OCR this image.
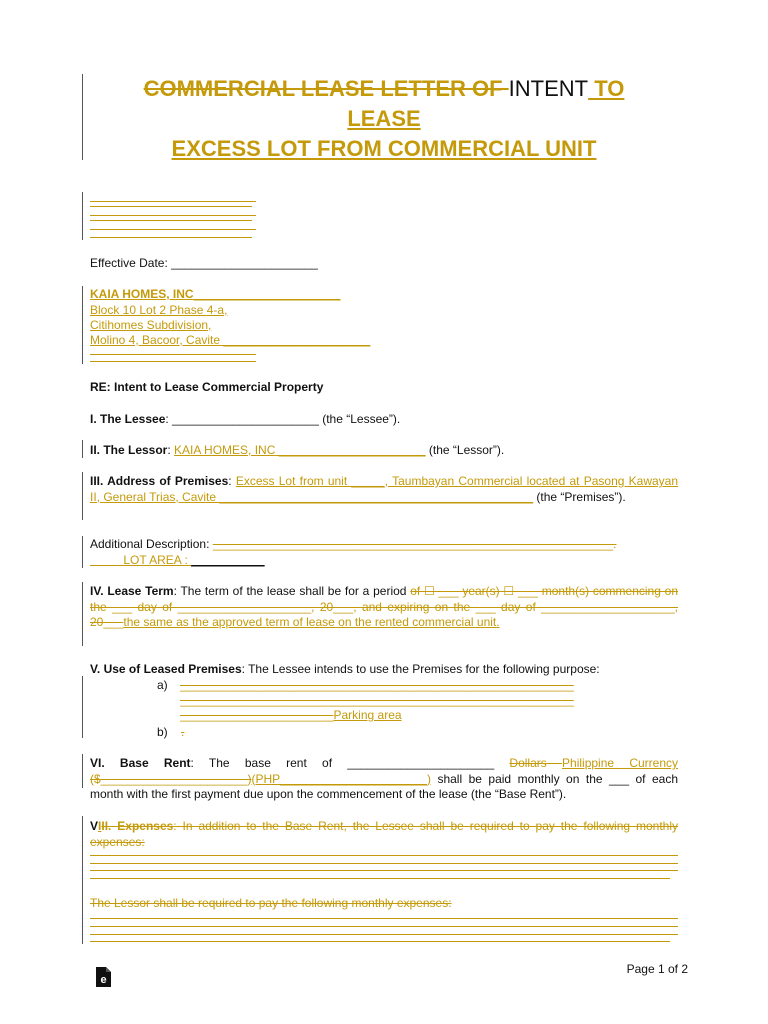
COMMERCIAL LEASE LETTER OF INTENT TO
LEASE
EXCESS LOT FROM COMMERCIAL UNIT
Effective Date: ______________________
KAIA HOMES, INC______________________
Block 10 Lot 2 Phase 4-a,
Citihomes Subdivision,
Molino 4, Bacoor, Cavite ______________________
RE: Intent to Lease Commercial Property
I. The Lessee: ______________________ (the “Lessee”).
II. The Lessor: KAIA HOMES, INC ______________________ (the “Lessor”).
III. Address of Premises: Excess Lot from unit _____, Taumbayan Commercial located at Pasong Kawayan II, General Trias, Cavite _______________________________________________ (the “Premises”).
Additional Description: ____________________________________________________________.
LOT AREA : ___________
IV. Lease Term: The term of the lease shall be for a period of ☐ ___ year(s) ☐ ___ month(s) commencing on the ___ day of ____________________, 20___, and expiring on the ___ day of ____________________, 20___the same as the approved term of lease on the rented commercial unit.
V. Use of Leased Premises: The Lessee intends to use the Premises for the following purpose:
a) ___________________________________________________________
___________________________________________________________
_______________________Parking area
b) .
VI. Base Rent: The base rent of ______________________ Dollars Philippine Currency ($______________________)(PHP______________________) shall be paid monthly on the ___ of each month with the first payment due upon the commencement of the lease (the “Base Rent”).
VIII. Expenses: In addition to the Base Rent, the Lessee shall be required to pay the following monthly expenses:
The Lessor shall be required to pay the following monthly expenses:
e
Page 1 of 2
